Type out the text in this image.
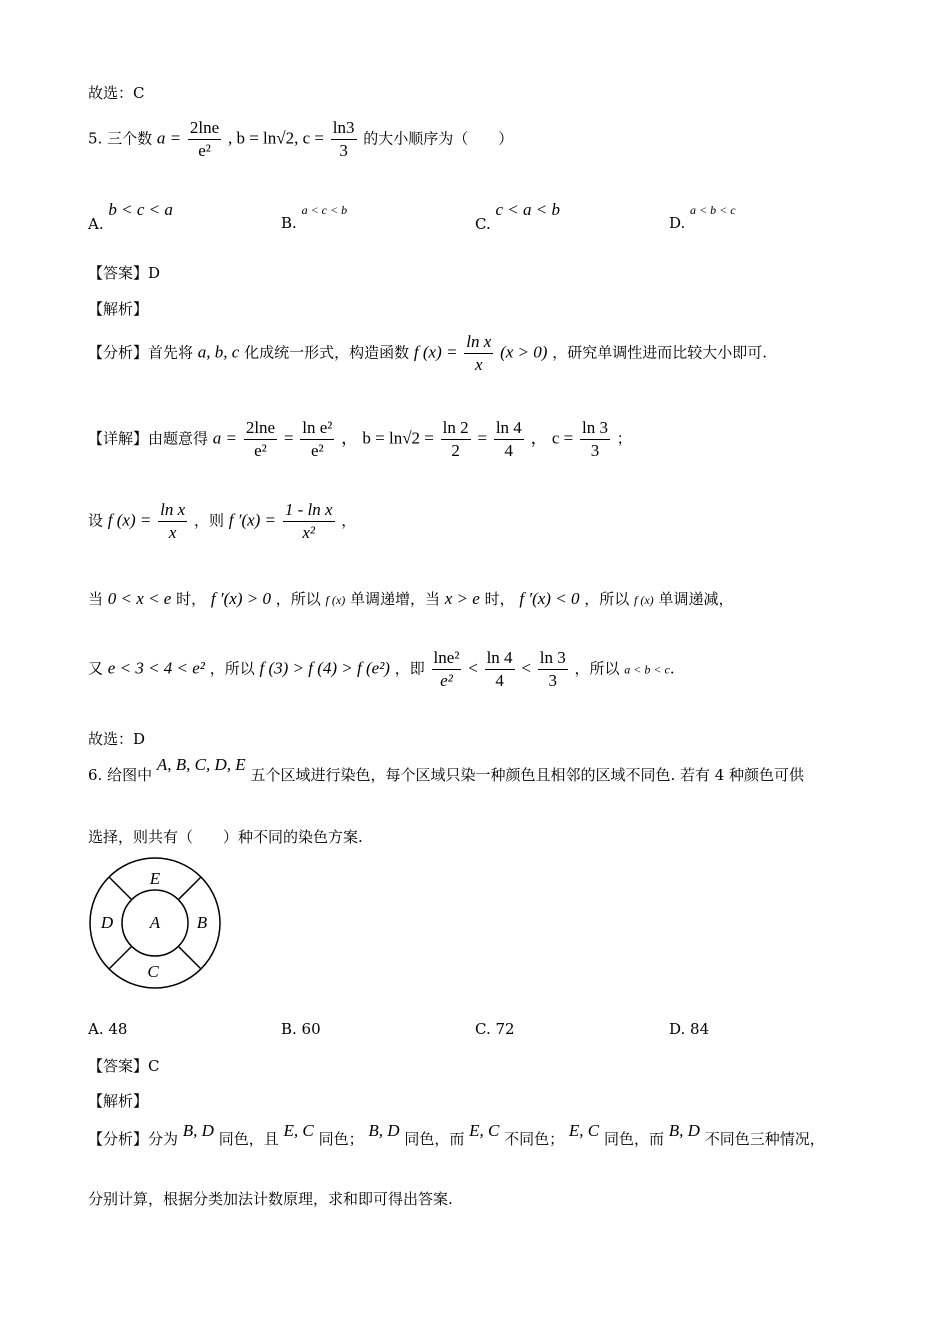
故选：C
5. 三个数 $a = \frac{2\ln e}{\text{e²}}$ , b = ln√2, $c = \frac{\ln 3}{3}$ 的大小顺序为（　　）
A. b < c < a
B. a < c < b
C. c < a < b
D. a < b < c
【答案】D
【解析】
【分析】首先将 a, b, c 化成统一形式，构造函数 f $(x) = \frac{\text{ln x}}{x} (x > 0)$ ，研究单调性进而比较大小即可.
【详解】由题意得 $a = \frac{2\ln e}{\text{e²}} = \frac{\text{ln e²}}{\text{e²}}$ ， $b = \ln√2 = \frac{\ln 2}{2} = \frac{\ln 4}{4}$ ， $c = \frac{\ln 3}{3}$ ；
设 f $(x) = \frac{\text{ln x}}{x}$ ，则 f $'(x) = \frac{\text{1 - ln x}}{\text{x²}}$ ，
当 0 < x < e 时， f ′(x) > 0 ，所以 f (x) 单调递增，当 x > e 时， f ′(x) < 0 ，所以 f (x) 单调递减，
又 e < 3 < 4 < e² ，所以 f (3) > f (4) > f (e²) ，即 $\frac{\text{lne²}}{\text{e²}} < \frac{\ln 4}{4} < \frac{\ln 3}{3}$ ，所以 a < b < c.
故选：D
6. 给图中 A, B, C, D, E 五个区域进行染色，每个区域只染一种颜色且相邻的区域不同色. 若有 4 种颜色可供
选择，则共有（　　）种不同的染色方案.
A B
C
D
E
A. 48	B. 60	C. 72	D. 84
【答案】C
【解析】
【分析】分为 B, D 同色，且 E, C 同色； B, D 同色，而 E, C 不同色； E, C 同色，而 B, D 不同色三种情况，
分别计算，根据分类加法计数原理，求和即可得出答案.
